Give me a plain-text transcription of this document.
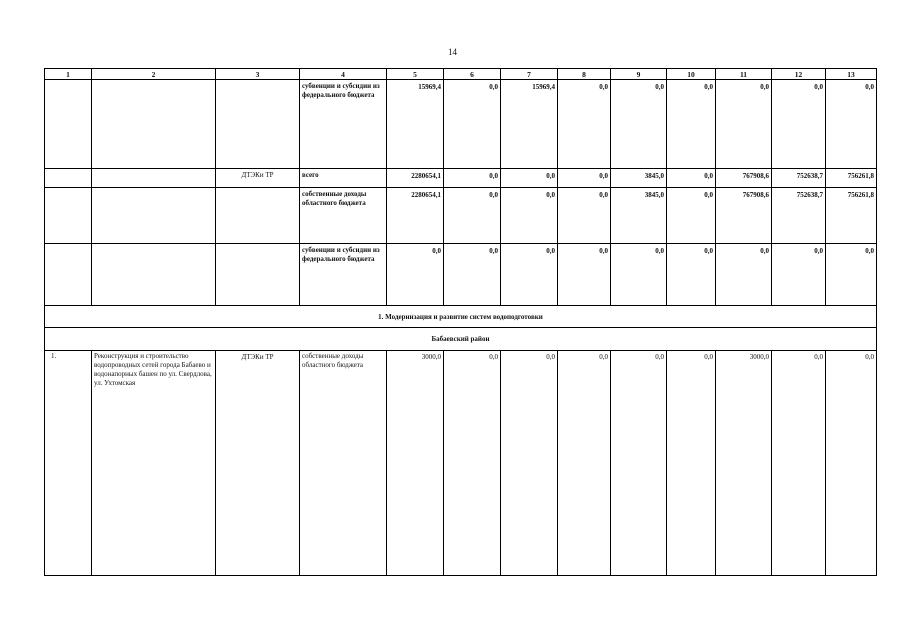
14
1	2	3	4	5	6	7	8	9	10	11	12	13
			субвенции и субсидии из федерального бюджета	15969,4	0,0	15969,4	0,0	0,0	0,0	0,0	0,0	0,0
		ДТЭКи ТР	всего	2280654,1	0,0	0,0	0,0	3845,0	0,0	767908,6	752638,7	756261,8
			собственные доходы областного бюджета	2280654,1	0,0	0,0	0,0	3845,0	0,0	767908,6	752638,7	756261,8
			субвенции и субсидии из федерального бюджета	0,0	0,0	0,0	0,0	0,0	0,0	0,0	0,0	0,0
1. Модернизация и развитие систем водоподготовки												
Бабаевский район												
1.	Реконструкция и строительство водопроводных сетей города Бабаево и водонапорных башен по ул. Свердлова, ул. Ухтомская	ДТЭКи ТР	собственные доходы областного бюджета	3000,0	0,0	0,0	0,0	0,0	0,0	3000,0	0,0	0,0
